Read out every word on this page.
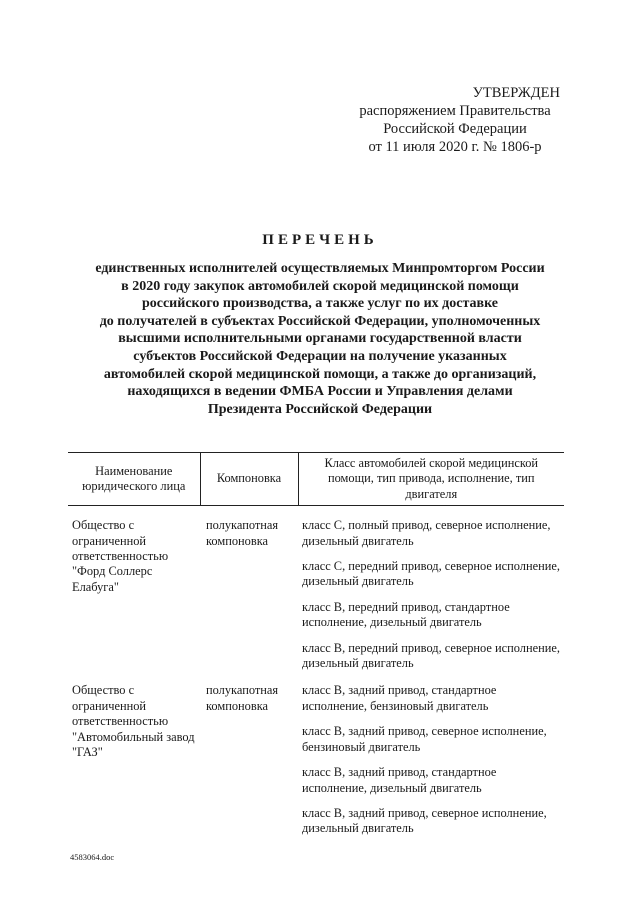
УТВЕРЖДЕН
распоряжением Правительства
Российской Федерации
от 11 июля 2020 г. № 1806-р
ПЕРЕЧЕНЬ
единственных исполнителей осуществляемых Минпромторгом России
в 2020 году закупок автомобилей скорой медицинской помощи
российского производства, а также услуг по их доставке
до получателей в субъектах Российской Федерации, уполномоченных
высшими исполнительными органами государственной власти
субъектов Российской Федерации на получение указанных
автомобилей скорой медицинской помощи, а также до организаций,
находящихся в ведении ФМБА России и Управления делами
Президента Российской Федерации
Наименование юридического лица	Компоновка	Класс автомобилей скорой медицинской помощи, тип привода, исполнение, тип двигателя
Общество с ограниченной ответственностью "Форд Соллерс Елабуга"	полукапотная компоновка	класс С, полный привод, северное исполнение, дизельный двигатель
класс С, передний привод, северное исполнение, дизельный двигатель
класс В, передний привод, стандартное исполнение, дизельный двигатель
класс В, передний привод, северное исполнение, дизельный двигатель

Общество с ограниченной ответственностью "Автомобильный завод "ГАЗ"	полукапотная компоновка	класс В, задний привод, стандартное исполнение, бензиновый двигатель
класс В, задний привод, северное исполнение, бензиновый двигатель
класс В, задний привод, стандартное исполнение, дизельный двигатель
класс В, задний привод, северное исполнение, дизельный двигатель
4583064.doc
